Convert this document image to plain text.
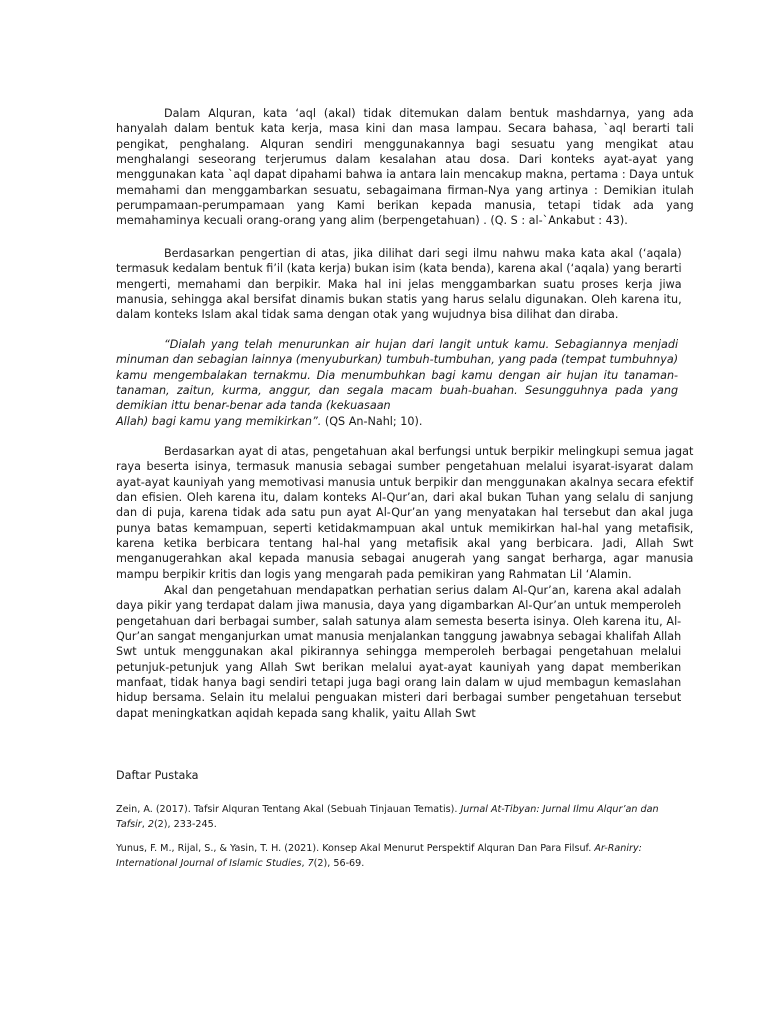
Dalam Alquran, kata ‘aql (akal) tidak ditemukan dalam bentuk mashdarnya, yang ada
hanyalah dalam bentuk kata kerja, masa kini dan masa lampau. Secara bahasa, `aql berarti tali
pengikat, penghalang. Alquran sendiri menggunakannya bagi sesuatu yang mengikat atau
menghalangi seseorang terjerumus dalam kesalahan atau dosa. Dari konteks ayat-ayat yang
menggunakan kata `aql dapat dipahami bahwa ia antara lain mencakup makna, pertama : Daya untuk
memahami dan menggambarkan sesuatu, sebagaimana firman-Nya yang artinya : Demikian itulah
perumpamaan-perumpamaan yang Kami berikan kepada manusia, tetapi tidak ada yang
memahaminya kecuali orang-orang yang alim (berpengetahuan) . (Q. S : al-`Ankabut : 43).
Berdasarkan pengertian di atas, jika dilihat dari segi ilmu nahwu maka kata akal (‘aqala)
termasuk kedalam bentuk fi’il (kata kerja) bukan isim (kata benda), karena akal (‘aqala) yang berarti
mengerti, memahami dan berpikir. Maka hal ini jelas menggambarkan suatu proses kerja jiwa
manusia, sehingga akal bersifat dinamis bukan statis yang harus selalu digunakan. Oleh karena itu,
dalam konteks Islam akal tidak sama dengan otak yang wujudnya bisa dilihat dan diraba.
“Dialah yang telah menurunkan air hujan dari langit untuk kamu. Sebagiannya menjadi
minuman dan sebagian lainnya (menyuburkan) tumbuh-tumbuhan, yang pada (tempat tumbuhnya)
kamu mengembalakan ternakmu. Dia menumbuhkan bagi kamu dengan air hujan itu tanaman-
tanaman, zaitun, kurma, anggur, dan segala macam buah-buahan. Sesungguhnya pada yang
demikian ittu benar-benar ada tanda (kekuasaan
Allah) bagi kamu yang memikirkan”. (QS An-Nahl; 10).
Berdasarkan ayat di atas, pengetahuan akal berfungsi untuk berpikir melingkupi semua jagat
raya beserta isinya, termasuk manusia sebagai sumber pengetahuan melalui isyarat-isyarat dalam
ayat-ayat kauniyah yang memotivasi manusia untuk berpikir dan menggunakan akalnya secara efektif
dan efisien. Oleh karena itu, dalam konteks Al-Qur’an, dari akal bukan Tuhan yang selalu di sanjung
dan di puja, karena tidak ada satu pun ayat Al-Qur’an yang menyatakan hal tersebut dan akal juga
punya batas kemampuan, seperti ketidakmampuan akal untuk memikirkan hal-hal yang metafisik,
karena ketika berbicara tentang hal-hal yang metafisik akal yang berbicara. Jadi, Allah Swt
menganugerahkan akal kepada manusia sebagai anugerah yang sangat berharga, agar manusia
mampu berpikir kritis dan logis yang mengarah pada pemikiran yang Rahmatan Lil ‘Alamin.
Akal dan pengetahuan mendapatkan perhatian serius dalam Al-Qur’an, karena akal adalah
daya pikir yang terdapat dalam jiwa manusia, daya yang digambarkan Al-Qur’an untuk memperoleh
pengetahuan dari berbagai sumber, salah satunya alam semesta beserta isinya. Oleh karena itu, Al-
Qur’an sangat menganjurkan umat manusia menjalankan tanggung jawabnya sebagai khalifah Allah
Swt untuk menggunakan akal pikirannya sehingga memperoleh berbagai pengetahuan melalui
petunjuk-petunjuk yang Allah Swt berikan melalui ayat-ayat kauniyah yang dapat memberikan
manfaat, tidak hanya bagi sendiri tetapi juga bagi orang lain dalam w ujud membagun kemaslahan
hidup bersama. Selain itu melalui penguakan misteri dari berbagai sumber pengetahuan tersebut
dapat meningkatkan aqidah kepada sang khalik, yaitu Allah Swt

Daftar Pustaka

Zein, A. (2017). Tafsir Alquran Tentang Akal (Sebuah Tinjauan Tematis). Jurnal At-Tibyan: Jurnal Ilmu Alqur’an dan
Tafsir, 2(2), 233-245.

Yunus, F. M., Rijal, S., & Yasin, T. H. (2021). Konsep Akal Menurut Perspektif Alquran Dan Para Filsuf. Ar-Raniry:
International Journal of Islamic Studies, 7(2), 56-69.
